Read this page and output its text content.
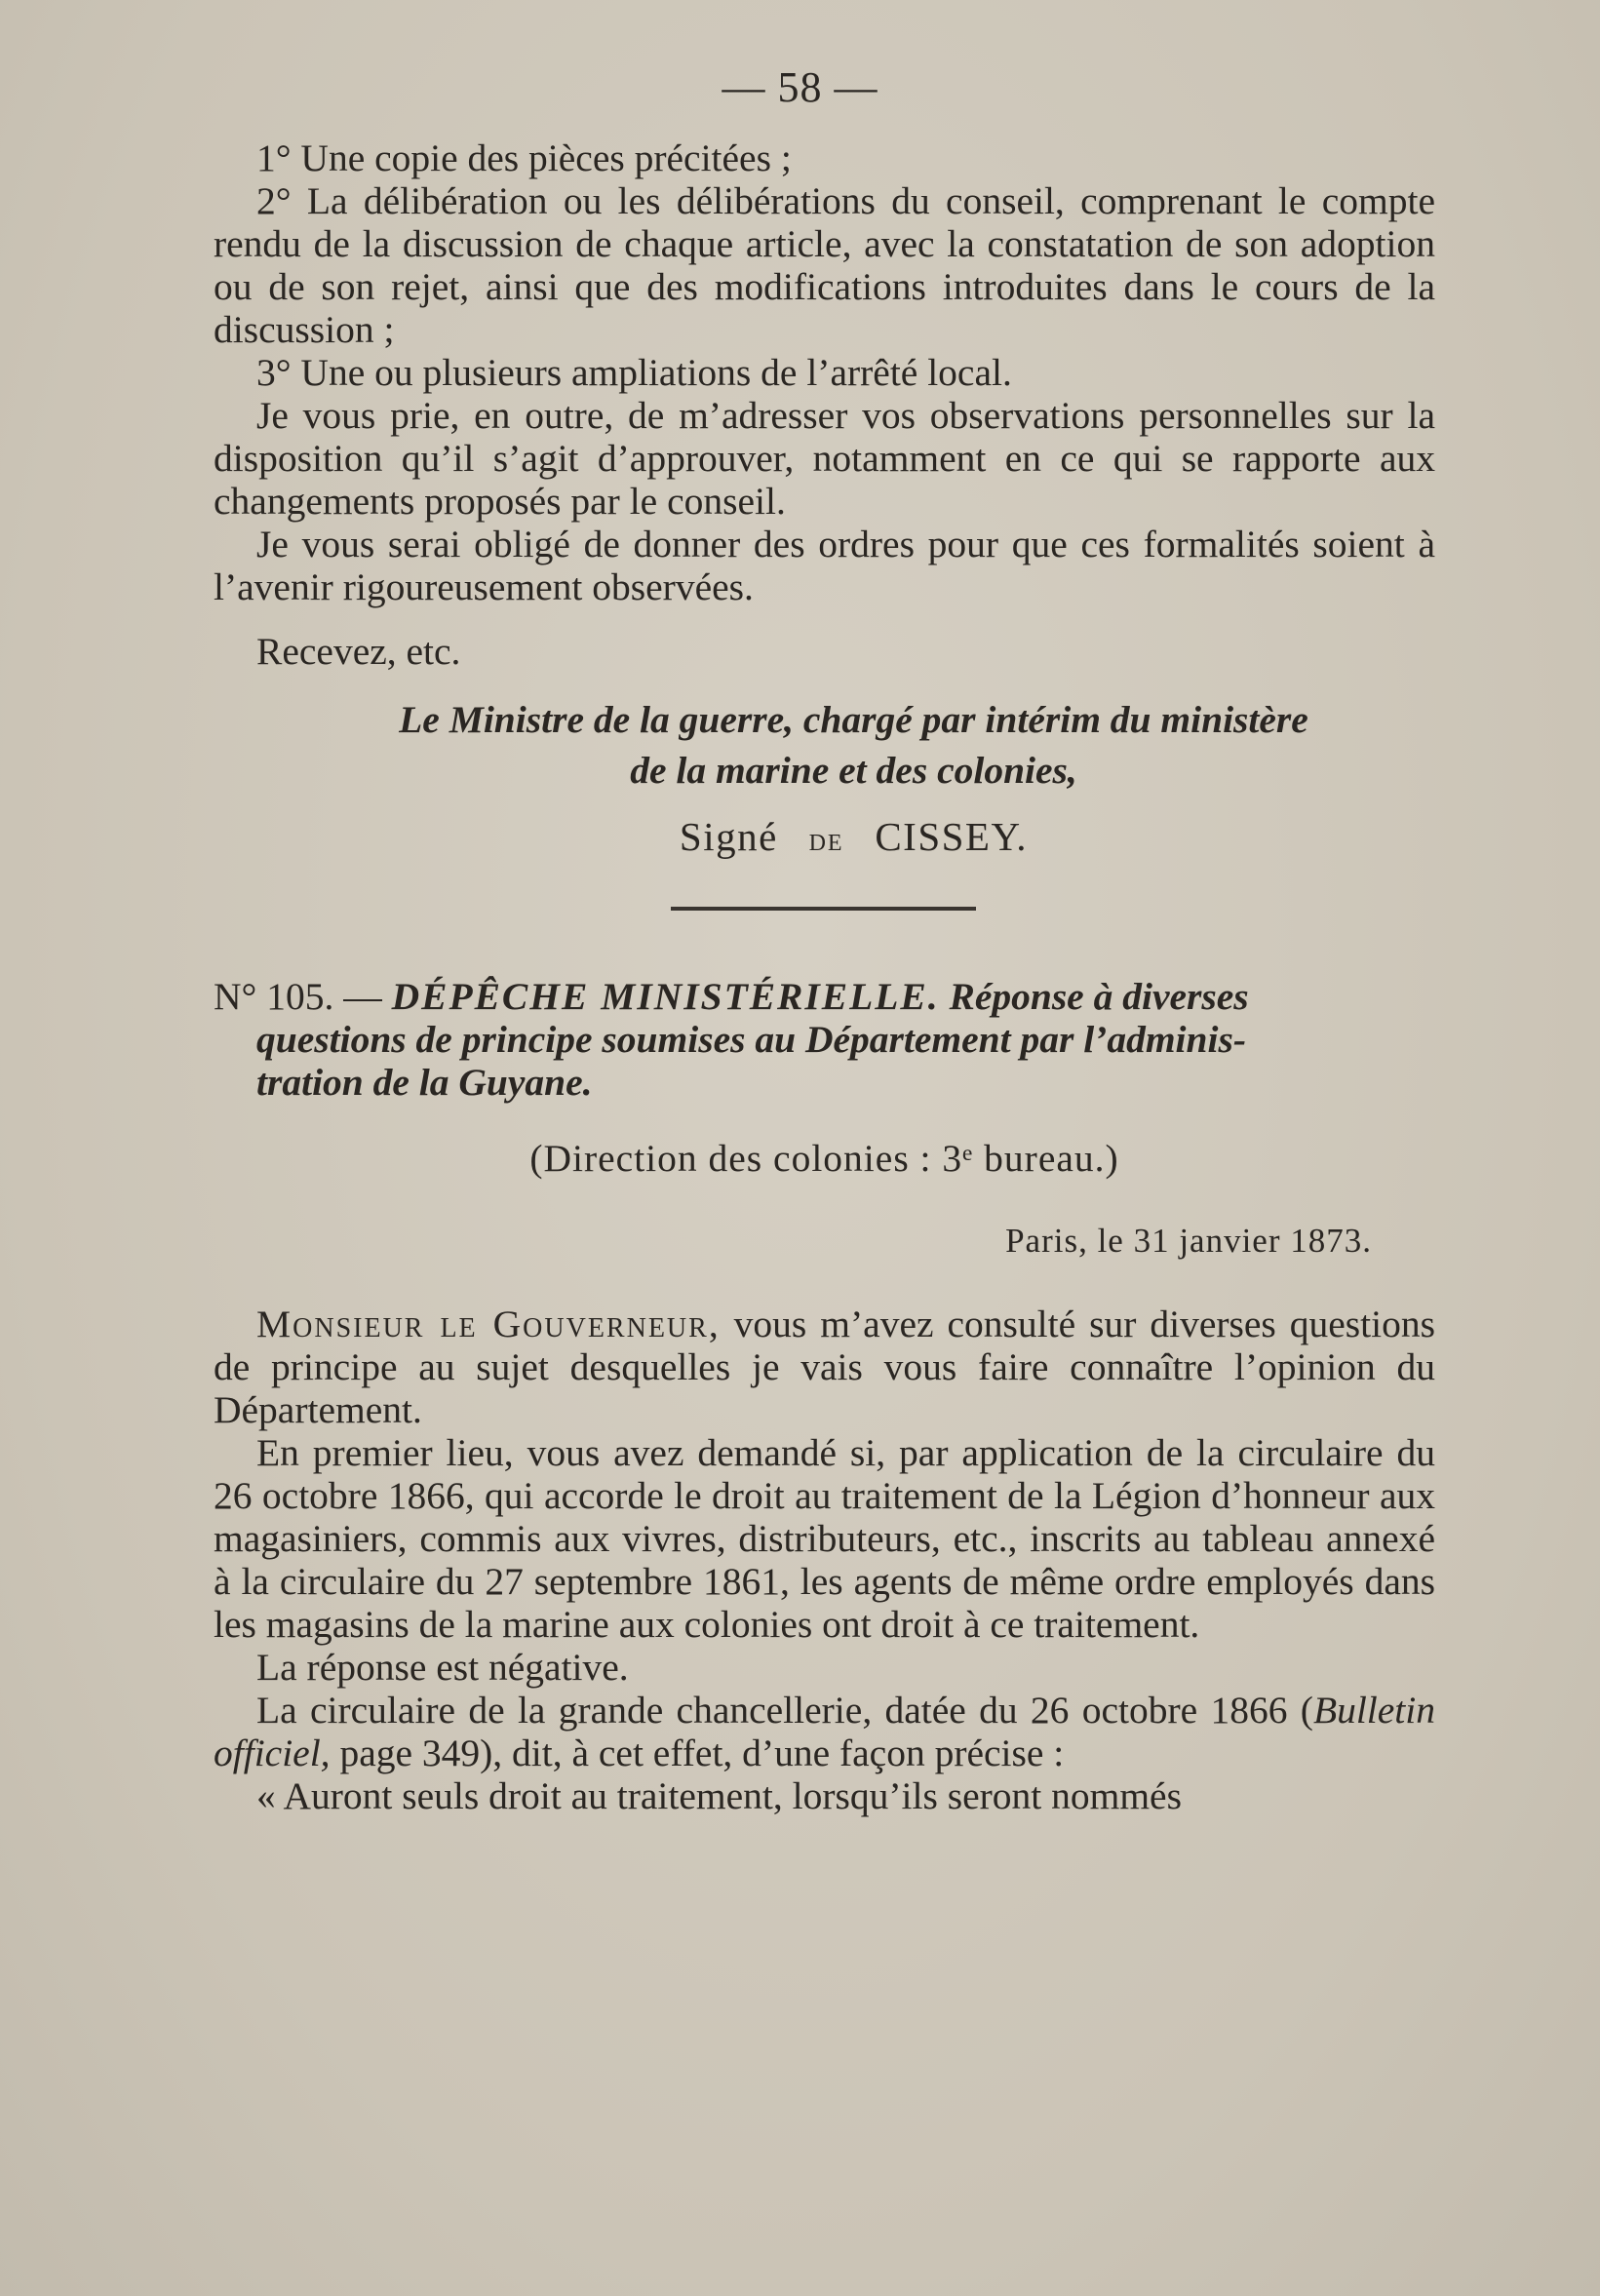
— 58 —

1° Une copie des pièces précitées ;

2° La délibération ou les délibérations du conseil, comprenant le compte rendu de la discussion de chaque article, avec la constatation de son adoption ou de son rejet, ainsi que des modifications introduites dans le cours de la discussion ;

3° Une ou plusieurs ampliations de l’arrêté local.

Je vous prie, en outre, de m’adresser vos observations personnelles sur la disposition qu’il s’agit d’approuver, notamment en ce qui se rapporte aux changements proposés par le conseil.

Je vous serai obligé de donner des ordres pour que ces formalités soient à l’avenir rigoureusement observées.

Recevez, etc.

Le Ministre de la guerre, chargé par intérim du ministère
de la marine et des colonies,
Signé de CISSEY.
N° 105. — DÉPÊCHE MINISTÉRIELLE. Réponse à diverses
questions de principe soumises au Département par l’adminis-
tration de la Guyane.
(Direction des colonies : 3ᵉ bureau.)
Paris, le 31 janvier 1873.

Monsieur le Gouverneur, vous m’avez consulté sur diverses questions de principe au sujet desquelles je vais vous faire connaître l’opinion du Département.

En premier lieu, vous avez demandé si, par application de la circulaire du 26 octobre 1866, qui accorde le droit au traitement de la Légion d’honneur aux magasiniers, commis aux vivres, distributeurs, etc., inscrits au tableau annexé à la circulaire du 27 septembre 1861, les agents de même ordre employés dans les magasins de la marine aux colonies ont droit à ce traitement.

La réponse est négative.

La circulaire de la grande chancellerie, datée du 26 octobre 1866 (Bulletin officiel, page 349), dit, à cet effet, d’une façon précise :

« Auront seuls droit au traitement, lorsqu’ils seront nommés
